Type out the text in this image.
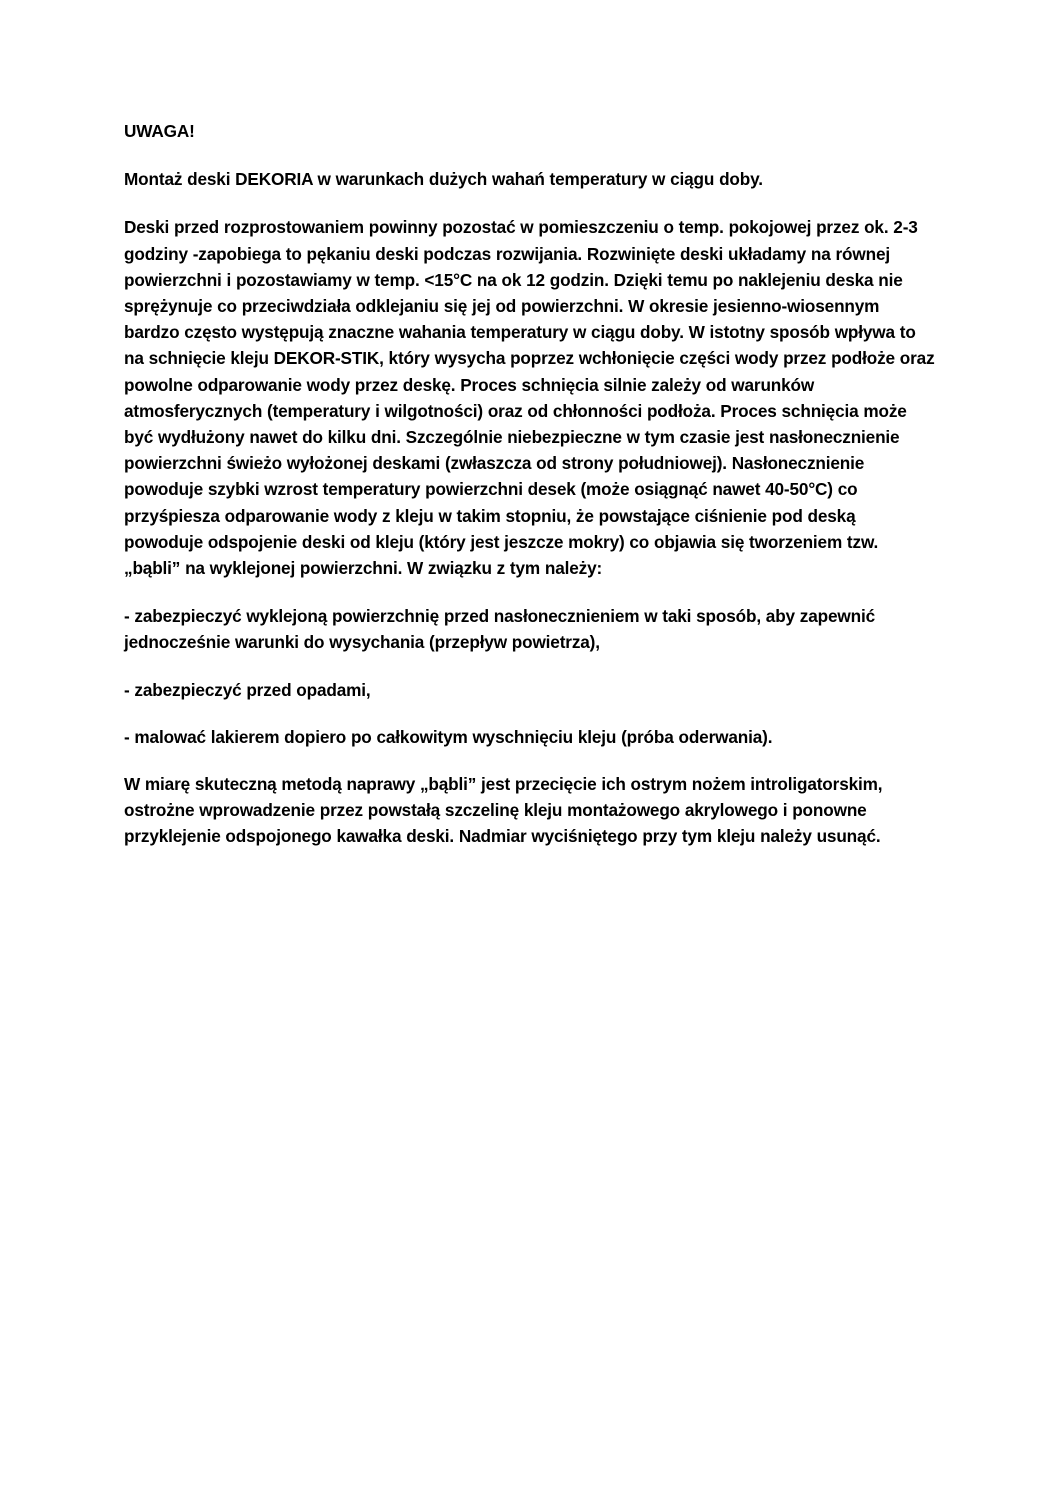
UWAGA!

Montaż deski DEKORIA w warunkach dużych wahań temperatury w ciągu doby.

Deski przed rozprostowaniem powinny pozostać w pomieszczeniu o temp. pokojowej przez ok. 2-3 godziny -zapobiega to pękaniu deski podczas rozwijania. Rozwinięte deski układamy na równej powierzchni i pozostawiamy w temp. <15°C na ok 12 godzin. Dzięki temu po naklejeniu deska nie sprężynuje co przeciwdziała odklejaniu się jej od powierzchni. W okresie jesienno-wiosennym bardzo często występują znaczne wahania temperatury w ciągu doby. W istotny sposób wpływa to na schnięcie kleju DEKOR-STIK, który wysycha poprzez wchłonięcie części wody przez podłoże oraz powolne odparowanie wody przez deskę. Proces schnięcia silnie zależy od warunków atmosferycznych (temperatury i wilgotności) oraz od chłonności podłoża. Proces schnięcia może być wydłużony nawet do kilku dni. Szczególnie niebezpieczne w tym czasie jest nasłonecznienie powierzchni świeżo wyłożonej deskami (zwłaszcza od strony południowej). Nasłonecznienie powoduje szybki wzrost temperatury powierzchni desek (może osiągnąć nawet 40-50°C) co przyśpiesza odparowanie wody z kleju w takim stopniu, że powstające ciśnienie pod deską powoduje odspojenie deski od kleju (który jest jeszcze mokry) co objawia się tworzeniem tzw. „bąbli” na wyklejonej powierzchni. W związku z tym należy:

- zabezpieczyć wyklejoną powierzchnię przed nasłonecznieniem w taki sposób, aby zapewnić jednocześnie warunki do wysychania (przepływ powietrza),

- zabezpieczyć przed opadami,

- malować lakierem dopiero po całkowitym wyschnięciu kleju (próba oderwania).

W miarę skuteczną metodą naprawy „bąbli” jest przecięcie ich ostrym nożem introligatorskim, ostrożne wprowadzenie przez powstałą szczelinę kleju montażowego akrylowego i ponowne przyklejenie odspojonego kawałka deski. Nadmiar wyciśniętego przy tym kleju należy usunąć.
